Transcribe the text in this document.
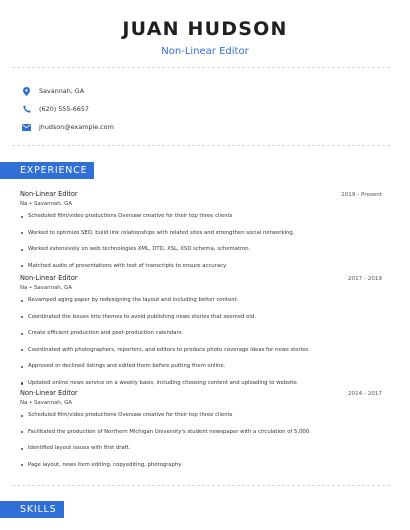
JUAN HUDSON
Non-Linear Editor
Savannah, GA
(620) 555-6657
jhudson@example.com
EXPERIENCE
Non-Linear Editor	2019 - Present
Na • Savannah, GA
Scheduled film/video productions Oversaw creative for their top three clients
Worked to optimize SEO, build link relationships with related sites and strengthen social networking.
Worked extensively on web technologies XML, DTD, XSL, XSD schema, schematron.
Matched audio of presentations with text of transcripts to ensure accuracy.
Non-Linear Editor	2017 - 2019
Na • Savannah, GA
Revamped aging paper by redesigning the layout and including better content.
Coordinated the Issues into themes to avoid publishing news stories that seemed old.
Create efficient production and post-production calendars.
Coordinated with photographers, reporters, and editors to produce photo coverage ideas for news stories.
Approved or declined listings and edited them before putting them online.
Updated online news service on a weekly basis, including choosing content and uploading to website.
Non-Linear Editor	2014 - 2017
Na • Savannah, GA
Scheduled film/video productions Oversaw creative for their top three clients
Facilitated the production of Northern Michigan University's student newspaper with a circulation of 5,000.
Identified layout issues with first draft.
Page layout, news item editing, copyediting, photography
SKILLS
